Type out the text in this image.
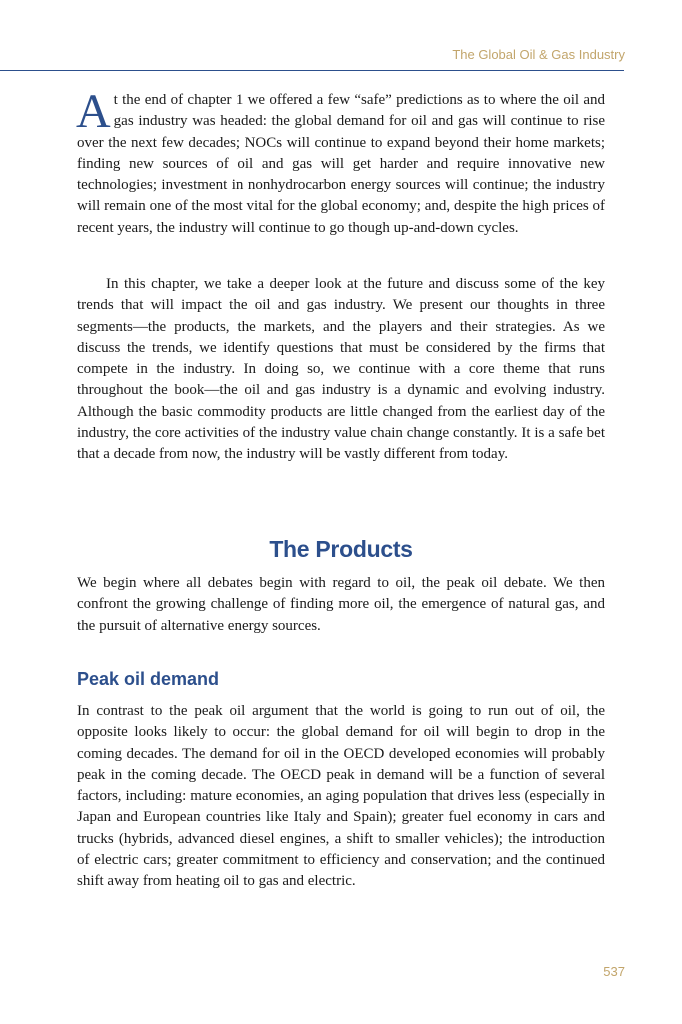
The Global Oil & Gas Industry

At the end of chapter 1 we offered a few “safe” predictions as to where the oil and gas industry was headed: the global demand for oil and gas will continue to rise over the next few decades; NOCs will continue to expand beyond their home markets; finding new sources of oil and gas will get harder and require innovative new technologies; investment in nonhydrocarbon energy sources will continue; the industry will remain one of the most vital for the global economy; and, despite the high prices of recent years, the industry will continue to go though up-and-down cycles.

In this chapter, we take a deeper look at the future and discuss some of the key trends that will impact the oil and gas industry. We present our thoughts in three segments—the products, the markets, and the players and their strategies. As we discuss the trends, we identify questions that must be considered by the firms that compete in the industry. In doing so, we continue with a core theme that runs throughout the book—the oil and gas industry is a dynamic and evolving industry. Although the basic commodity products are little changed from the earliest day of the industry, the core activities of the industry value chain change constantly. It is a safe bet that a decade from now, the industry will be vastly different from today.

The Products

We begin where all debates begin with regard to oil, the peak oil debate. We then confront the growing challenge of finding more oil, the emergence of natural gas, and the pursuit of alternative energy sources.

Peak oil demand

In contrast to the peak oil argument that the world is going to run out of oil, the opposite looks likely to occur: the global demand for oil will begin to drop in the coming decades. The demand for oil in the OECD developed economies will probably peak in the coming decade. The OECD peak in demand will be a function of several factors, including: mature economies, an aging population that drives less (especially in Japan and European countries like Italy and Spain); greater fuel economy in cars and trucks (hybrids, advanced diesel engines, a shift to smaller vehicles); the introduction of electric cars; greater commitment to efficiency and conservation; and the continued shift away from heating oil to gas and electric.

537
